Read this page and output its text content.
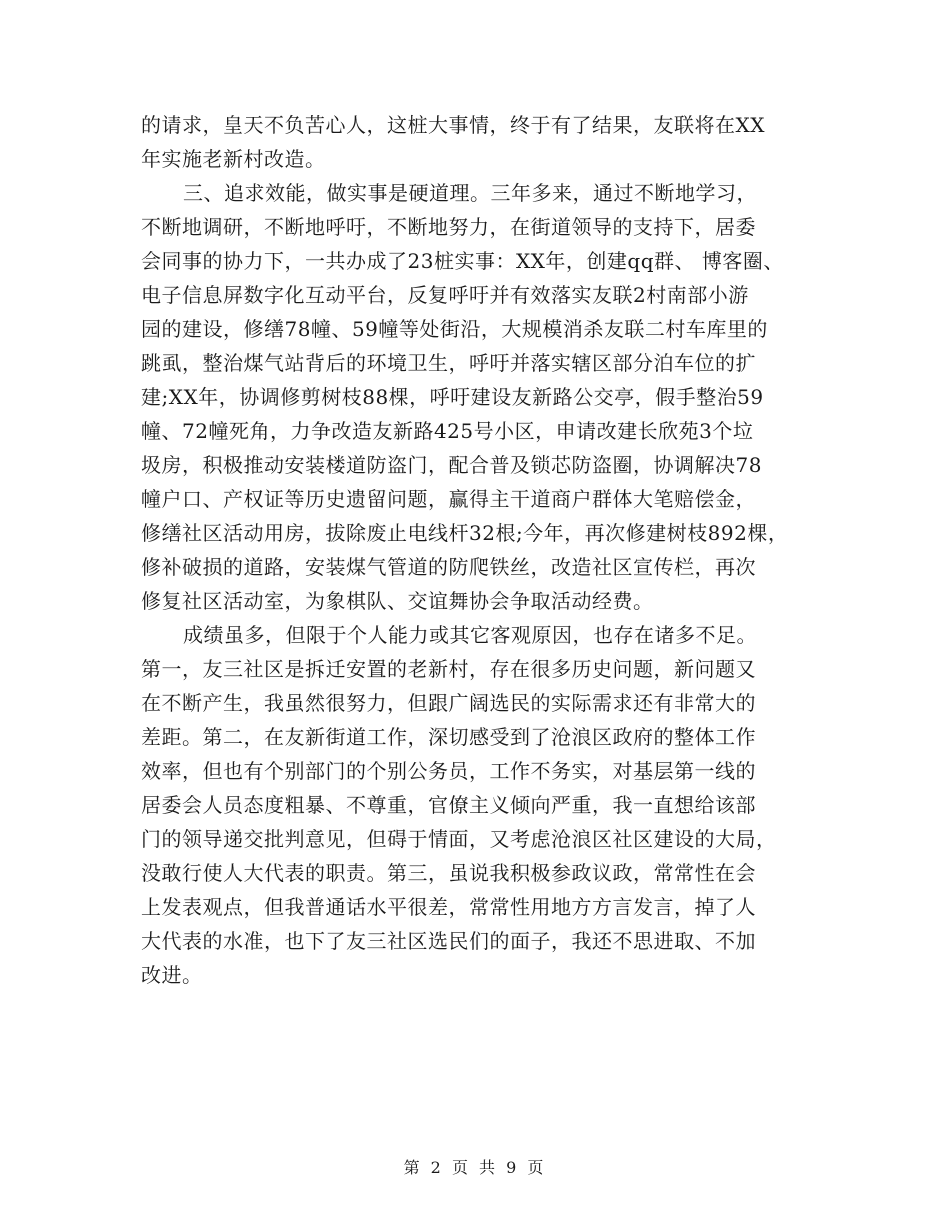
的请求，皇天不负苦心人，这桩大事情，终于有了结果，友联将在XX
年实施老新村改造。
三、追求效能，做实事是硬道理。三年多来，通过不断地学习，
不断地调研，不断地呼吁，不断地努力，在街道领导的支持下，居委
会同事的协力下，一共办成了23桩实事：XX年，创建qq群、 博客圈、
电子信息屏数字化互动平台，反复呼吁并有效落实友联2村南部小游
园的建设，修缮78幢、59幢等处街沿，大规模消杀友联二村车库里的
跳虱，整治煤气站背后的环境卫生，呼吁并落实辖区部分泊车位的扩
建;XX年，协调修剪树枝88棵，呼吁建设友新路公交亭，假手整治59
幢、72幢死角，力争改造友新路425号小区，申请改建长欣苑3个垃
圾房，积极推动安装楼道防盗门，配合普及锁芯防盗圈，协调解决78
幢户口、产权证等历史遗留问题，赢得主干道商户群体大笔赔偿金，
修缮社区活动用房，拔除废止电线杆32根;今年，再次修建树枝892棵，
修补破损的道路，安装煤气管道的防爬铁丝，改造社区宣传栏，再次
修复社区活动室，为象棋队、交谊舞协会争取活动经费。
成绩虽多，但限于个人能力或其它客观原因，也存在诸多不足。
第一，友三社区是拆迁安置的老新村，存在很多历史问题，新问题又
在不断产生，我虽然很努力，但跟广阔选民的实际需求还有非常大的
差距。第二，在友新街道工作，深切感受到了沧浪区政府的整体工作
效率，但也有个别部门的个别公务员，工作不务实，对基层第一线的
居委会人员态度粗暴、不尊重，官僚主义倾向严重，我一直想给该部
门的领导递交批判意见，但碍于情面，又考虑沧浪区社区建设的大局，
没敢行使人大代表的职责。第三，虽说我积极参政议政，常常性在会
上发表观点，但我普通话水平很差，常常性用地方方言发言，掉了人
大代表的水准，也下了友三社区选民们的面子，我还不思进取、不加
改进。
第 2 页 共 9 页
